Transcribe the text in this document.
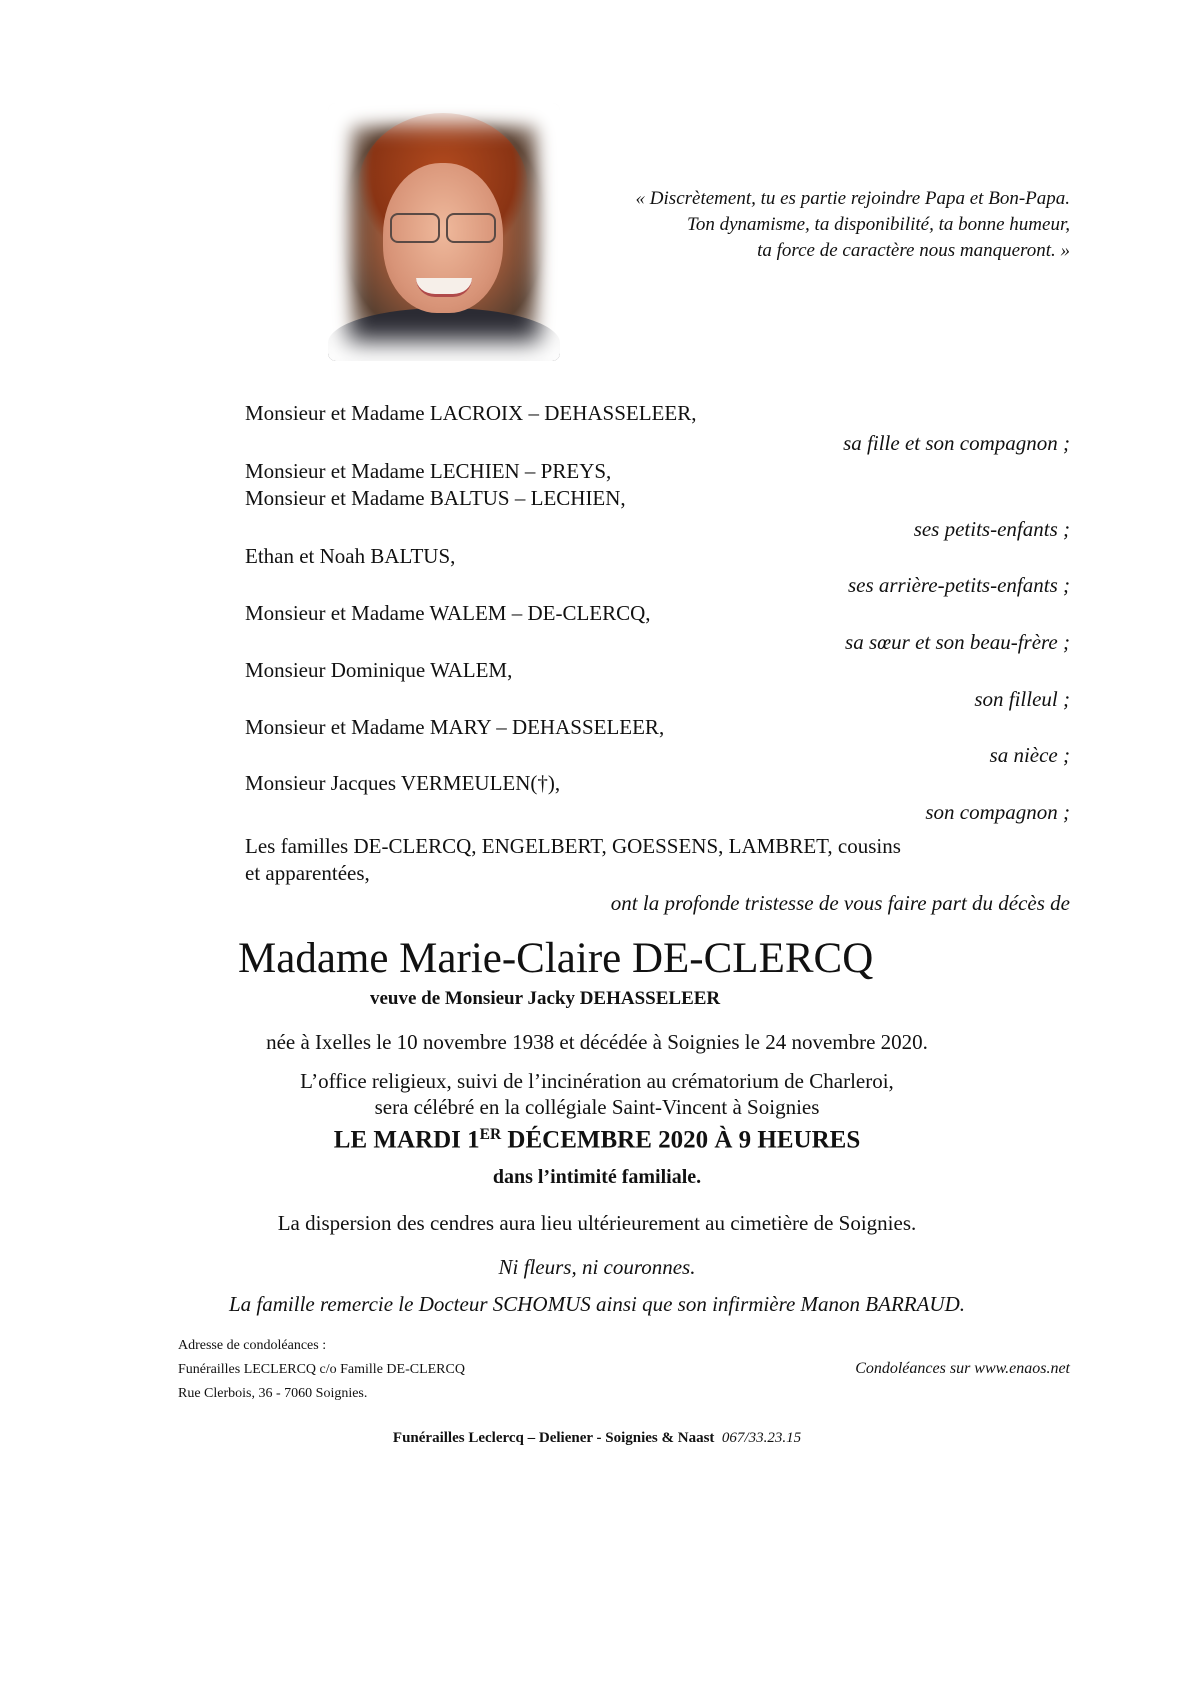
« Discrètement, tu es partie rejoindre Papa et Bon-Papa.
Ton dynamisme, ta disponibilité, ta bonne humeur,
ta force de caractère nous manqueront. »
Monsieur et Madame LACROIX – DEHASSELEER,
sa fille et son compagnon ;
Monsieur et Madame LECHIEN – PREYS,
Monsieur et Madame BALTUS – LECHIEN,
ses petits-enfants ;
Ethan et Noah BALTUS,
ses arrière-petits-enfants ;
Monsieur et Madame WALEM – DE-CLERCQ,
sa sœur et son beau-frère ;
Monsieur Dominique WALEM,
son filleul ;
Monsieur et Madame MARY – DEHASSELEER,
sa nièce ;
Monsieur Jacques VERMEULEN(†),
son compagnon ;
Les familles DE-CLERCQ, ENGELBERT, GOESSENS, LAMBRET, cousins
et apparentées,
ont la profonde tristesse de vous faire part du décès de
Madame Marie-Claire DE-CLERCQ
veuve de Monsieur Jacky DEHASSELEER
née à Ixelles le 10 novembre 1938 et décédée à Soignies le 24 novembre 2020.
L’office religieux, suivi de l’incinération au crématorium de Charleroi,
sera célébré en la collégiale Saint-Vincent à Soignies
LE MARDI 1ER DÉCEMBRE 2020 À 9 HEURES
dans l’intimité familiale.
La dispersion des cendres aura lieu ultérieurement au cimetière de Soignies.
Ni fleurs, ni couronnes.
La famille remercie le Docteur SCHOMUS ainsi que son infirmière Manon BARRAUD.
Adresse de condoléances :
Funérailles LECLERCQ c/o Famille DE-CLERCQ
Rue Clerbois, 36 - 7060 Soignies.
Condoléances sur www.enaos.net
Funérailles Leclercq – Deliener - Soignies & Naast 067/33.23.15
